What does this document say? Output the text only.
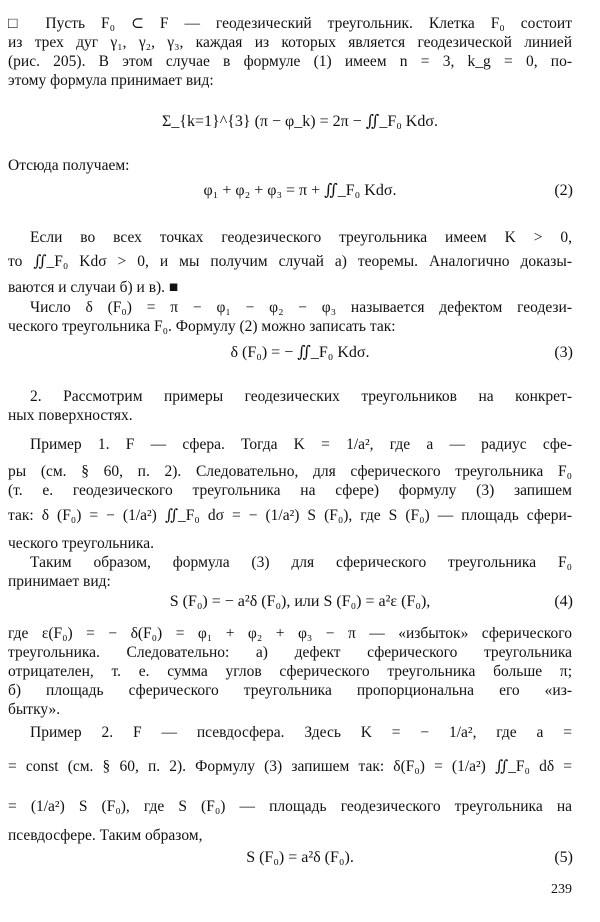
□ Пусть F₀ ⊂ F — геодезический треугольник. Клетка F₀ состоит
из трех дуг γ₁, γ₂, γ₃, каждая из которых является геодезической линией
(рис. 205). В этом случае в формуле (1) имеем n = 3, k_g = 0, по-
этому формула принимает вид:
Σ_{k=1}^{3} (π − φ_k) = 2π − ∬_F₀ Kdσ.
Отсюда получаем:
φ₁ + φ₂ + φ₃ = π + ∬_F₀ Kdσ.	(2)
Если во всех точках геодезического треугольника имеем K > 0,
то ∬_F₀ Kdσ > 0, и мы получим случай а) теоремы. Аналогично доказы-
ваются и случаи б) и в). ■
Число δ (F₀) = π − φ₁ − φ₂ − φ₃ называется дефектом геодези-
ческого треугольника F₀. Формулу (2) можно записать так:
δ (F₀) = − ∬_F₀ Kdσ.	(3)
2. Рассмотрим примеры геодезических треугольников на конкрет-
ных поверхностях.
Пример 1. F — сфера. Тогда K = 1/a², где a — радиус сфе-
ры (см. § 60, п. 2). Следовательно, для сферического треугольника F₀
(т. е. геодезического треугольника на сфере) формулу (3) запишем
так: δ (F₀) = − (1/a²) ∬_F₀ dσ = − (1/a²) S (F₀), где S (F₀) — площадь сфери-
ческого треугольника.
Таким образом, формула (3) для сферического треугольника F₀
принимает вид:
S (F₀) = − a²δ (F₀), или S (F₀) = a²ε (F₀),	(4)
где ε(F₀) = − δ(F₀) = φ₁ + φ₂ + φ₃ − π — «избыток» сферического
треугольника. Следовательно: а) дефект сферического треугольника
отрицателен, т. е. сумма углов сферического треугольника больше π;
б) площадь сферического треугольника пропорциональна его «из-
бытку».
Пример 2. F — псевдосфера. Здесь K = − 1/a², где a =
= const (см. § 60, п. 2). Формулу (3) запишем так: δ(F₀) = (1/a²) ∬_F₀ dδ =
= (1/a²) S (F₀), где S (F₀) — площадь геодезического треугольника на
псевдосфере. Таким образом,
S (F₀) = a²δ (F₀).	(5)
239
